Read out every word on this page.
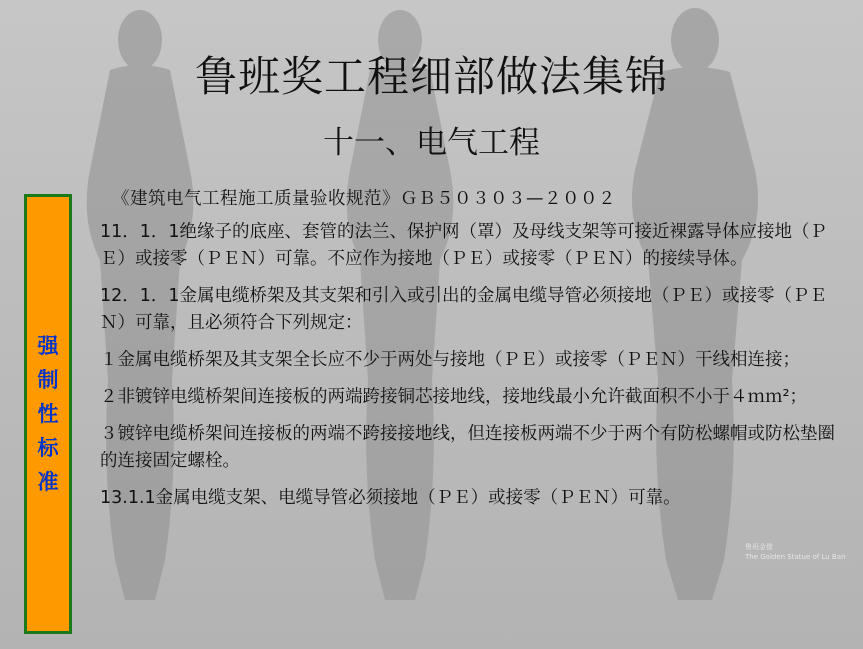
鲁班奖工程细部做法集锦
十一、电气工程
强制性标准
《建筑电气工程施工质量验收规范》ＧＢ５０３０３—２００２
11．1．1绝缘子的底座、套管的法兰、保护网（罩）及母线支架等可接近裸露导体应接地（ＰＥ）或接零（ＰＥＮ）可靠。不应作为接地（ＰＥ）或接零（ＰＥＮ）的接续导体。
12．1．1金属电缆桥架及其支架和引入或引出的金属电缆导管必须接地（ＰＥ）或接零（ＰＥＮ）可靠，且必须符合下列规定：
１金属电缆桥架及其支架全长应不少于两处与接地（ＰＥ）或接零（ＰＥＮ）干线相连接；
２非镀锌电缆桥架间连接板的两端跨接铜芯接地线，接地线最小允许截面积不小于４ｍｍ²；
３镀锌电缆桥架间连接板的两端不跨接接地线，但连接板两端不少于两个有防松螺帽或防松垫圈的连接固定螺栓。
13.1.1金属电缆支架、电缆导管必须接地（ＰＥ）或接零（ＰＥＮ）可靠。
鲁班金像
The Golden Statue of Lu Ban
